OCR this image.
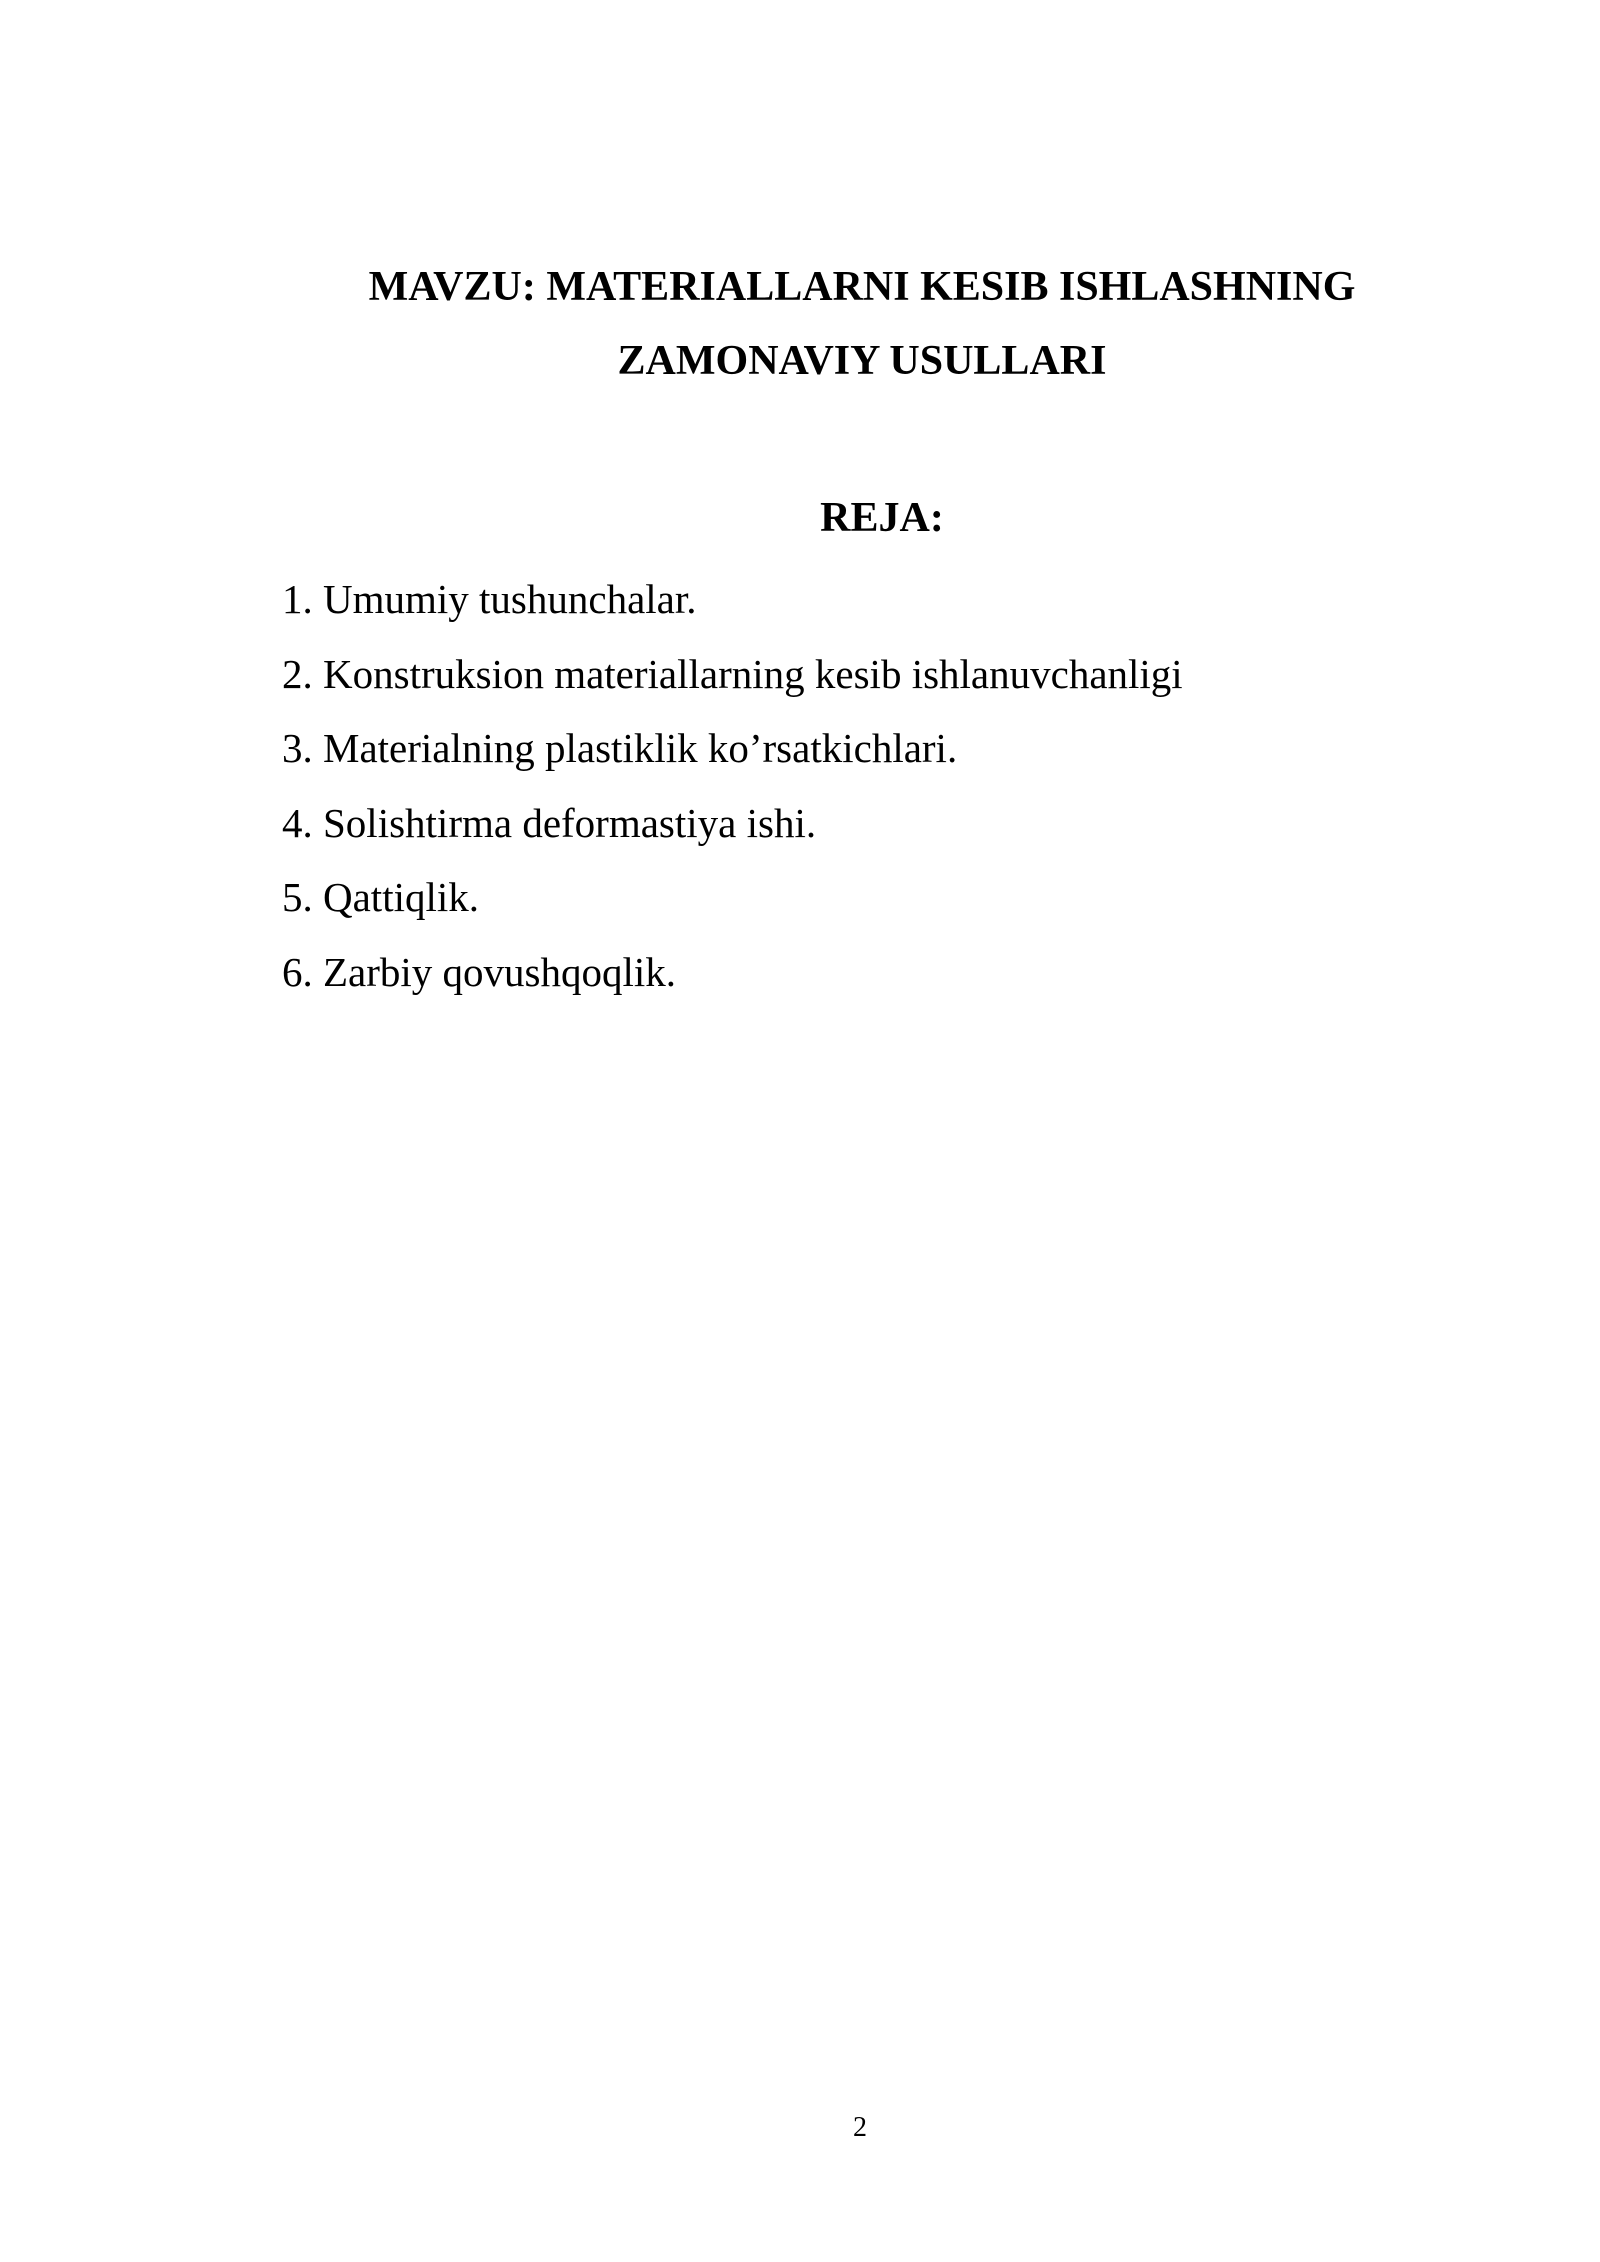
MAVZU: MATERIALLARNI KESIB ISHLASHNING
ZAMONAVIY USULLARI
REJA:
1. Umumiy tushunchalar.
2. Konstruksion materiallarning kesib ishlanuvchanligi
3. Materialning plastiklik ko’rsatkichlari.
4. Solishtirma deformastiya ishi.
5. Qattiqlik.
6. Zarbiy qovushqoqlik.
2
